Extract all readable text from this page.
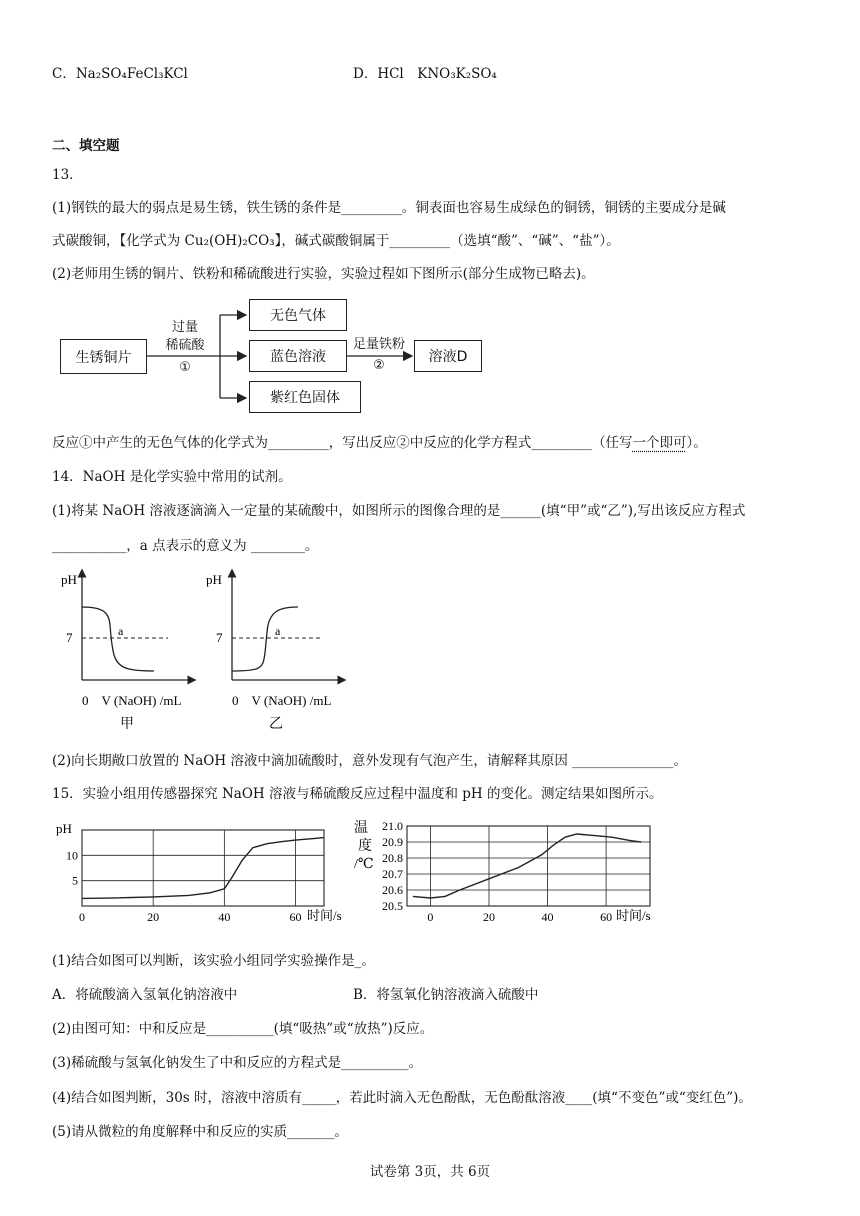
C．Na₂SO₄FeCl₃KCl	D．HCl　KNO₃K₂SO₄
二、填空题
13．
(1)钢铁的最大的弱点是易生锈，铁生锈的条件是_________。铜表面也容易生成绿色的铜锈，铜锈的主要成分是碱
式碳酸铜，【化学式为 Cu₂(OH)₂CO₃】，碱式碳酸铜属于_________（选填“酸”、“碱”、“盐”）。
(2)老师用生锈的铜片、铁粉和稀硫酸进行实验，实验过程如下图所示(部分生成物已略去)。
生锈铜片
无色气体
蓝色溶液
紫红色固体
溶液D
过量
稀硫酸
①
足量铁粉
②
反应①中产生的无色气体的化学式为_________，写出反应②中反应的化学方程式_________（任写一个即可）。
14．NaOH 是化学实验中常用的试剂。
(1)将某 NaOH 溶液逐滴滴入一定量的某硫酸中，如图所示的图像合理的是______(填“甲”或“乙”),写出该反应方程式
___________，a 点表示的意义为 ________。
pH
7	a
0　V (NaOH) /mL
甲
pH
7	a
0　V (NaOH) /mL
乙
(2)向长期敞口放置的 NaOH 溶液中滴加硫酸时，意外发现有气泡产生，请解释其原因 _______________。
15．实验小组用传感器探究 NaOH 溶液与稀硫酸反应过程中温度和 pH 的变化。测定结果如图所示。
pH
时间/s
5
10
0	20	40	60
温
度
/℃
时间/s
20.5
20.6
20.7
20.8
20.9
21.0
0	20	40	60
(1)结合如图可以判断，该实验小组同学实验操作是_。
A．将硫酸滴入氢氧化钠溶液中	B．将氢氧化钠溶液滴入硫酸中
(2)由图可知：中和反应是__________(填“吸热”或“放热”)反应。
(3)稀硫酸与氢氧化钠发生了中和反应的方程式是__________。
(4)结合如图判断，30s 时，溶液中溶质有_____，若此时滴入无色酚酞，无色酚酞溶液____(填“不变色”或“变红色”)。
(5)请从微粒的角度解释中和反应的实质_______。
试卷第 3页，共 6页
